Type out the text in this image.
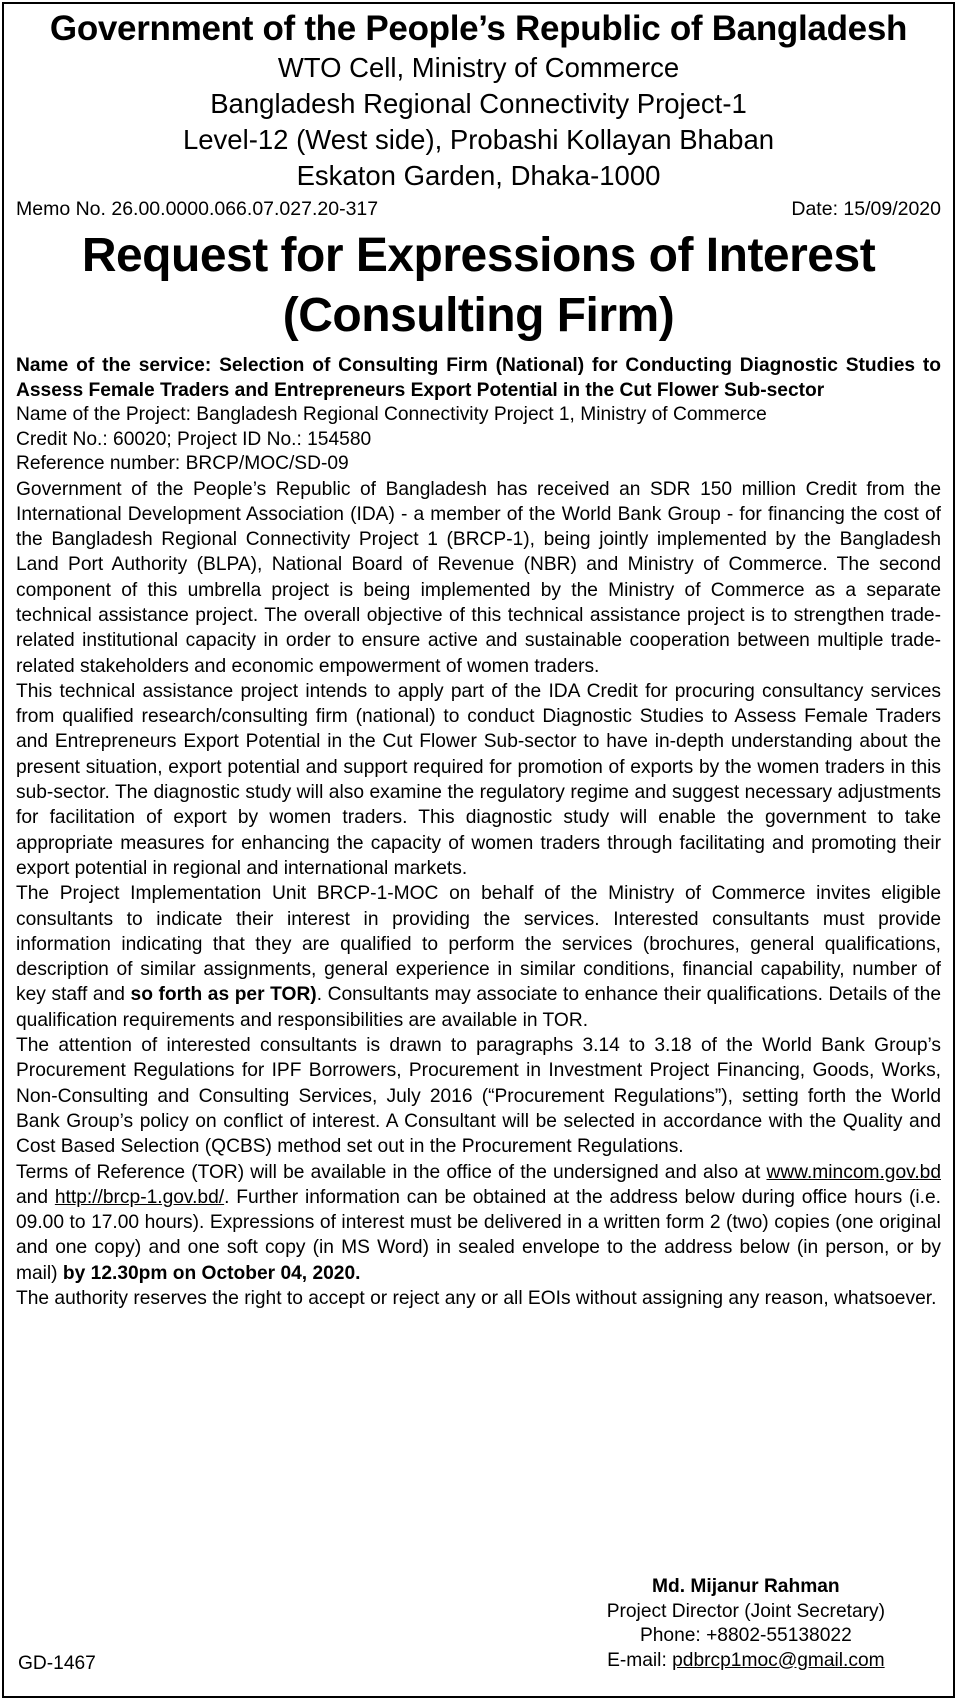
Government of the People’s Republic of Bangladesh
WTO Cell, Ministry of Commerce
Bangladesh Regional Connectivity Project-1
Level-12 (West side), Probashi Kollayan Bhaban
Eskaton Garden, Dhaka-1000
Memo No. 26.00.0000.066.07.027.20-317	Date: 15/09/2020
Request for Expressions of Interest
(Consulting Firm)
Name of the service: Selection of Consulting Firm (National) for Conducting Diagnostic Studies to Assess Female Traders and Entrepreneurs Export Potential in the Cut Flower Sub-sector
Name of the Project: Bangladesh Regional Connectivity Project 1, Ministry of Commerce
Credit No.: 60020; Project ID No.: 154580
Reference number: BRCP/MOC/SD-09
Government of the People’s Republic of Bangladesh has received an SDR 150 million Credit from the International Development Association (IDA) - a member of the World Bank Group - for financing the cost of the Bangladesh Regional Connectivity Project 1 (BRCP-1), being jointly implemented by the Bangladesh Land Port Authority (BLPA), National Board of Revenue (NBR) and Ministry of Commerce. The second component of this umbrella project is being implemented by the Ministry of Commerce as a separate technical assistance project. The overall objective of this technical assistance project is to strengthen trade-related institutional capacity in order to ensure active and sustainable cooperation between multiple trade-related stakeholders and economic empowerment of women traders.
This technical assistance project intends to apply part of the IDA Credit for procuring consultancy services from qualified research/consulting firm (national) to conduct Diagnostic Studies to Assess Female Traders and Entrepreneurs Export Potential in the Cut Flower Sub-sector to have in-depth understanding about the present situation, export potential and support required for promotion of exports by the women traders in this sub-sector. The diagnostic study will also examine the regulatory regime and suggest necessary adjustments for facilitation of export by women traders. This diagnostic study will enable the government to take appropriate measures for enhancing the capacity of women traders through facilitating and promoting their export potential in regional and international markets.
The Project Implementation Unit BRCP-1-MOC on behalf of the Ministry of Commerce invites eligible consultants to indicate their interest in providing the services. Interested consultants must provide information indicating that they are qualified to perform the services (brochures, general qualifications, description of similar assignments, general experience in similar conditions, financial capability, number of key staff and so forth as per TOR). Consultants may associate to enhance their qualifications. Details of the qualification requirements and responsibilities are available in TOR.
The attention of interested consultants is drawn to paragraphs 3.14 to 3.18 of the World Bank Group’s Procurement Regulations for IPF Borrowers, Procurement in Investment Project Financing, Goods, Works, Non-Consulting and Consulting Services, July 2016 (“Procurement Regulations”), setting forth the World Bank Group’s policy on conflict of interest. A Consultant will be selected in accordance with the Quality and Cost Based Selection (QCBS) method set out in the Procurement Regulations.
Terms of Reference (TOR) will be available in the office of the undersigned and also at www.mincom.gov.bd and http://brcp-1.gov.bd/. Further information can be obtained at the address below during office hours (i.e. 09.00 to 17.00 hours). Expressions of interest must be delivered in a written form 2 (two) copies (one original and one copy) and one soft copy (in MS Word) in sealed envelope to the address below (in person, or by mail) by 12.30pm on October 04, 2020.
The authority reserves the right to accept or reject any or all EOIs without assigning any reason, whatsoever.
Md. Mijanur Rahman
Project Director (Joint Secretary)
Phone: +8802-55138022
E-mail: pdbrcp1moc@gmail.com
GD-1467
